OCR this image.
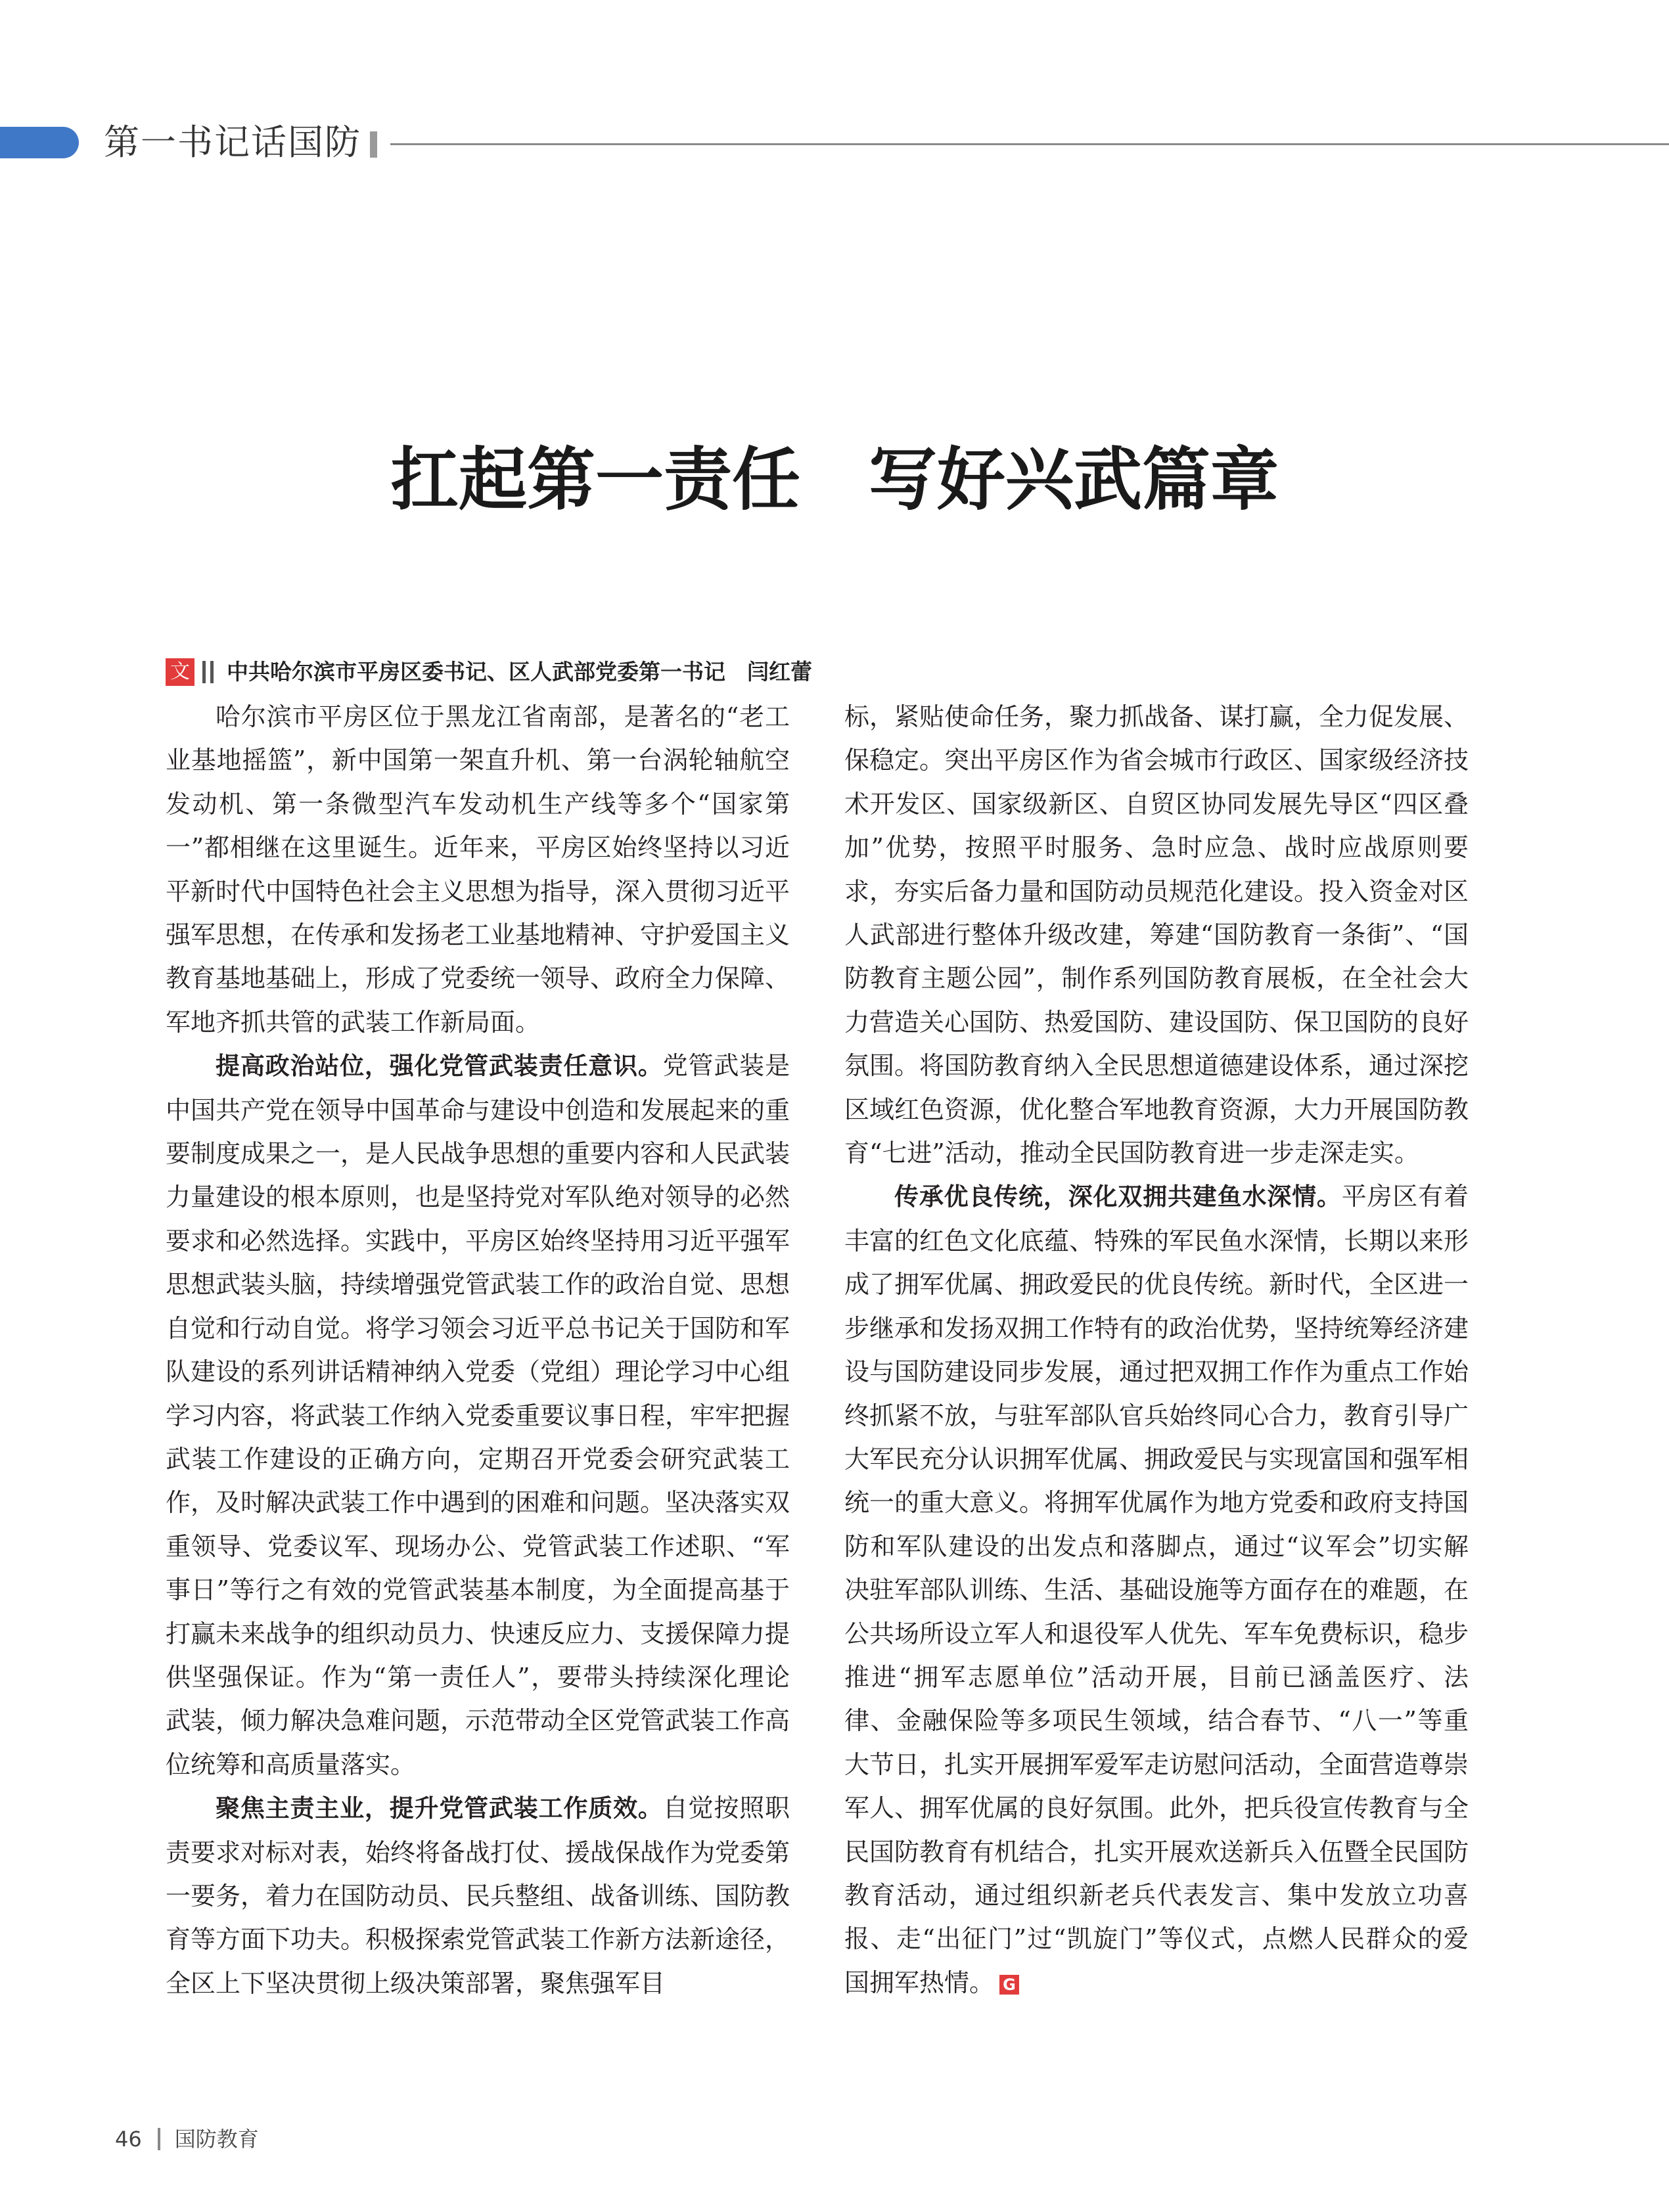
第一书记话国防
扛起第一责任　写好兴武篇章
文 中共哈尔滨市平房区委书记、区人武部党委第一书记
　 闫红蕾

哈尔滨市平房区位于黑龙江省南部，是著名的“老工业基地摇篮”，新中国第一架直升机、第一台涡轮轴航空发动机、第一条微型汽车发动机生产线等多个“国家第一”都相继在这里诞生。近年来，平房区始终坚持以习近平新时代中国特色社会主义思想为指导，深入贯彻习近平强军思想，在传承和发扬老工业基地精神、守护爱国主义教育基地基础上，形成了党委统一领导、政府全力保障、军地齐抓共管的武装工作新局面。

提高政治站位，强化党管武装责任意识。党管武装是中国共产党在领导中国革命与建设中创造和发展起来的重要制度成果之一，是人民战争思想的重要内容和人民武装力量建设的根本原则，也是坚持党对军队绝对领导的必然要求和必然选择。实践中，平房区始终坚持用习近平强军思想武装头脑，持续增强党管武装工作的政治自觉、思想自觉和行动自觉。将学习领会习近平总书记关于国防和军队建设的系列讲话精神纳入党委（党组）理论学习中心组学习内容，将武装工作纳入党委重要议事日程，牢牢把握武装工作建设的正确方向，定期召开党委会研究武装工作，及时解决武装工作中遇到的困难和问题。坚决落实双重领导、党委议军、现场办公、党管武装工作述职、“军事日”等行之有效的党管武装基本制度，为全面提高基于打赢未来战争的组织动员力、快速反应力、支援保障力提供坚强保证。作为“第一责任人”，要带头持续深化理论武装，倾力解决急难问题，示范带动全区党管武装工作高位统筹和高质量落实。

聚焦主责主业，提升党管武装工作质效。自觉按照职责要求对标对表，始终将备战打仗、援战保战作为党委第一要务，着力在国防动员、民兵整组、战备训练、国防教育等方面下功夫。积极探索党管武装工作新方法新途径，全区上下坚决贯彻上级决策部署，聚焦强军目

标，紧贴使命任务，聚力抓战备、谋打赢，全力促发展、保稳定。突出平房区作为省会城市行政区、国家级经济技术开发区、国家级新区、自贸区协同发展先导区“四区叠加”优势，按照平时服务、急时应急、战时应战原则要求，夯实后备力量和国防动员规范化建设。投入资金对区人武部进行整体升级改建，筹建“国防教育一条街”、“国防教育主题公园”，制作系列国防教育展板，在全社会大力营造关心国防、热爱国防、建设国防、保卫国防的良好氛围。将国防教育纳入全民思想道德建设体系，通过深挖区域红色资源，优化整合军地教育资源，大力开展国防教育“七进”活动，推动全民国防教育进一步走深走实。

传承优良传统，深化双拥共建鱼水深情。平房区有着丰富的红色文化底蕴、特殊的军民鱼水深情，长期以来形成了拥军优属、拥政爱民的优良传统。新时代，全区进一步继承和发扬双拥工作特有的政治优势，坚持统筹经济建设与国防建设同步发展，通过把双拥工作作为重点工作始终抓紧不放，与驻军部队官兵始终同心合力，教育引导广大军民充分认识拥军优属、拥政爱民与实现富国和强军相统一的重大意义。将拥军优属作为地方党委和政府支持国防和军队建设的出发点和落脚点，通过“议军会”切实解决驻军部队训练、生活、基础设施等方面存在的难题，在公共场所设立军人和退役军人优先、军车免费标识，稳步推进“拥军志愿单位”活动开展，目前已涵盖医疗、法律、金融保险等多项民生领域，结合春节、“八一”等重大节日，扎实开展拥军爱军走访慰问活动，全面营造尊崇军人、拥军优属的良好氛围。此外，把兵役宣传教育与全民国防教育有机结合，扎实开展欢送新兵入伍暨全民国防教育活动，通过组织新老兵代表发言、集中发放立功喜报、走“出征门”过“凯旋门”等仪式，点燃人民群众的爱国拥军热情。 G

46 国防教育
